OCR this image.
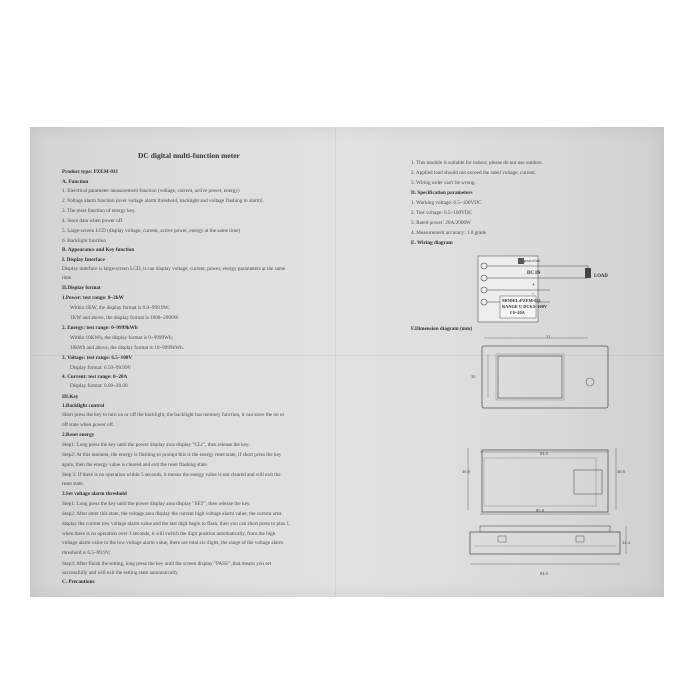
DC digital multi-function meter
Product type: PZEM-031
A. Function
1. Electrical parameter measurement function (voltage, current, active power, energy)
2. Voltage alarm function (over voltage alarm threshold, backlight and voltage flashing to alarm).
3. The reset function of energy key.
4. Store data when power off.
5. Large-screen LCD (display voltage, current, active power, energy at the same time)
6. Backlight function
B. Appearance and Key function
I. Display Interface
Display interface is large-screen LCD, it can display voltage, current, power, energy parameters at the same
time.
II.Display format
1.Power: test range: 0~2kW
Within 1KW, the display format is 0.0~999.9W;
1KW and above, the display format is 1000~2000W.
2. Energy: test range: 0~9999kWh
Within 10KWh, the display format is 0~9999Wh;
10kWh and above, the display format is 10~9999kWh.
3. Voltage: test range: 6.5~100V
Display format: 6.50~99.99V
4. Current: test range: 0~20A
Display format: 0.00~20.00
III.Key
1.Backlight control
Short press the key to turn on or off the backlight, the backlight has memory function, it can store the on or
off state when power off.
2.Reset energy
Step1: Long press the key until the power display area display "CLr", then release the key.
Step2: At this moment, the energy is flashing to prompt this is the energy reset state, if short press the key
again, then the energy value is cleared and exit the reset flashing state.
Step 3: If there is no operation within 5 seconds, it means the energy value is not cleared and will exit the
reset state.
3.Set voltage alarm threshold
Step1: Long press the key until the power display area display "SET", then release the key.
Step2: After enter this state, the voltage area display the current high voltage alarm value, the current area
display the current low voltage alarm value and the last digit begin to flash, then you can short press to plus 1,
when there is no operation over 3 seconds, it will switch the digit position automatically, from the high
voltage alarm value to the low voltage alarm value, there are total six digits, the range of the voltage alarm
threshold is 6.5~99.9V;
Step3: After finish the setting, long press the key until the screen display "PASS" ,that means you set
successfully and will exit the setting state automatically.
C. Precautions
1. This module is suitable for indoor, please do not use outdoor.
2. Applied load should not exceed the rated voltage, current.
3. Wiring order can't be wrong.
D. Specification parameters
1. Working voltage: 6.5~100VDC
2. Test voltage: 6.5~100VDC
3. Rated power: 20A/2000W
4. Measurement accuracy: 1.0 grade
E. Wiring diagram
peacefair
DC IN
LOAD
+
-
MODEL:PZEM-031
RANGE U DC6.5~100V
I 0~20A
F.Dimension diagram (mm)
51
30
84.6
46.8	46.8
85.8
24.4
84.6
